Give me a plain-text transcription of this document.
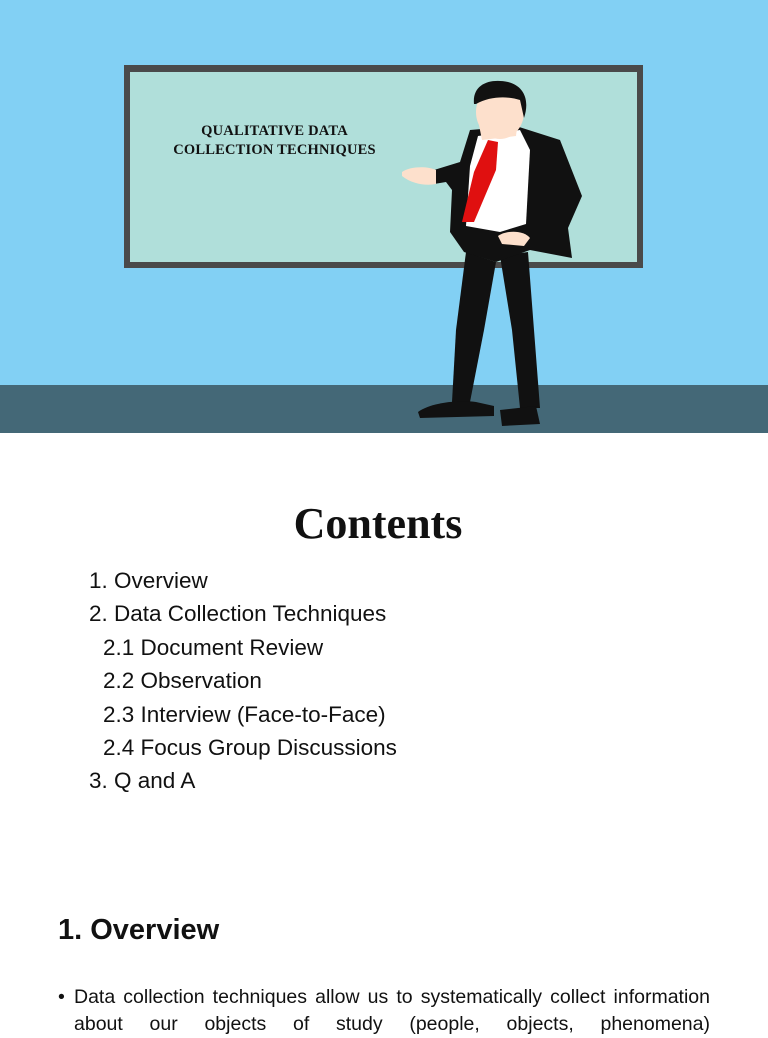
QUALITATIVE DATA
COLLECTION TECHNIQUES
Contents
1. Overview
2. Data Collection Techniques
2.1 Document Review
2.2 Observation
2.3 Interview (Face-to-Face)
2.4 Focus Group Discussions
3. Q and A
1. Overview
• Data collection techniques allow us to systematically collect information about our objects of study (people, objects, phenomena)
